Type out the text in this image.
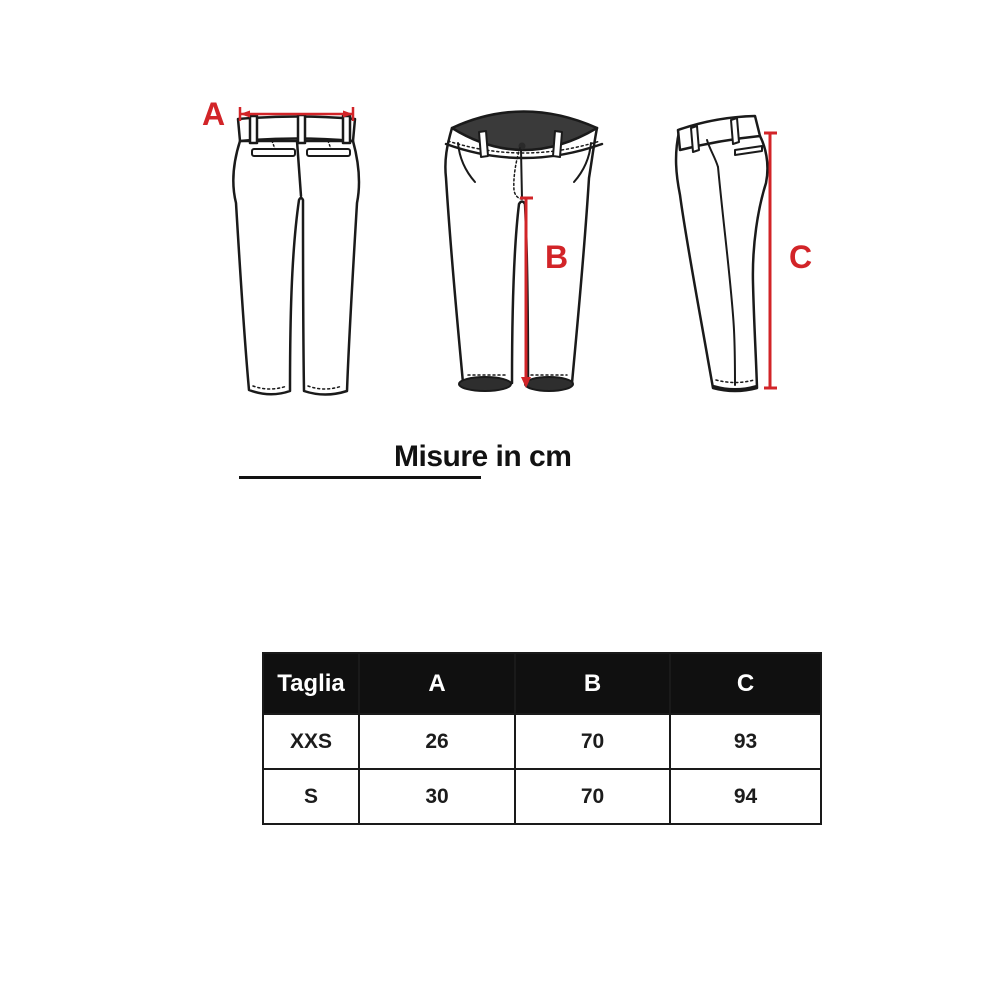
A
B	C
Misure in cm
Taglia	A	B	C
XXS	26	70	93
S	30	70	94
